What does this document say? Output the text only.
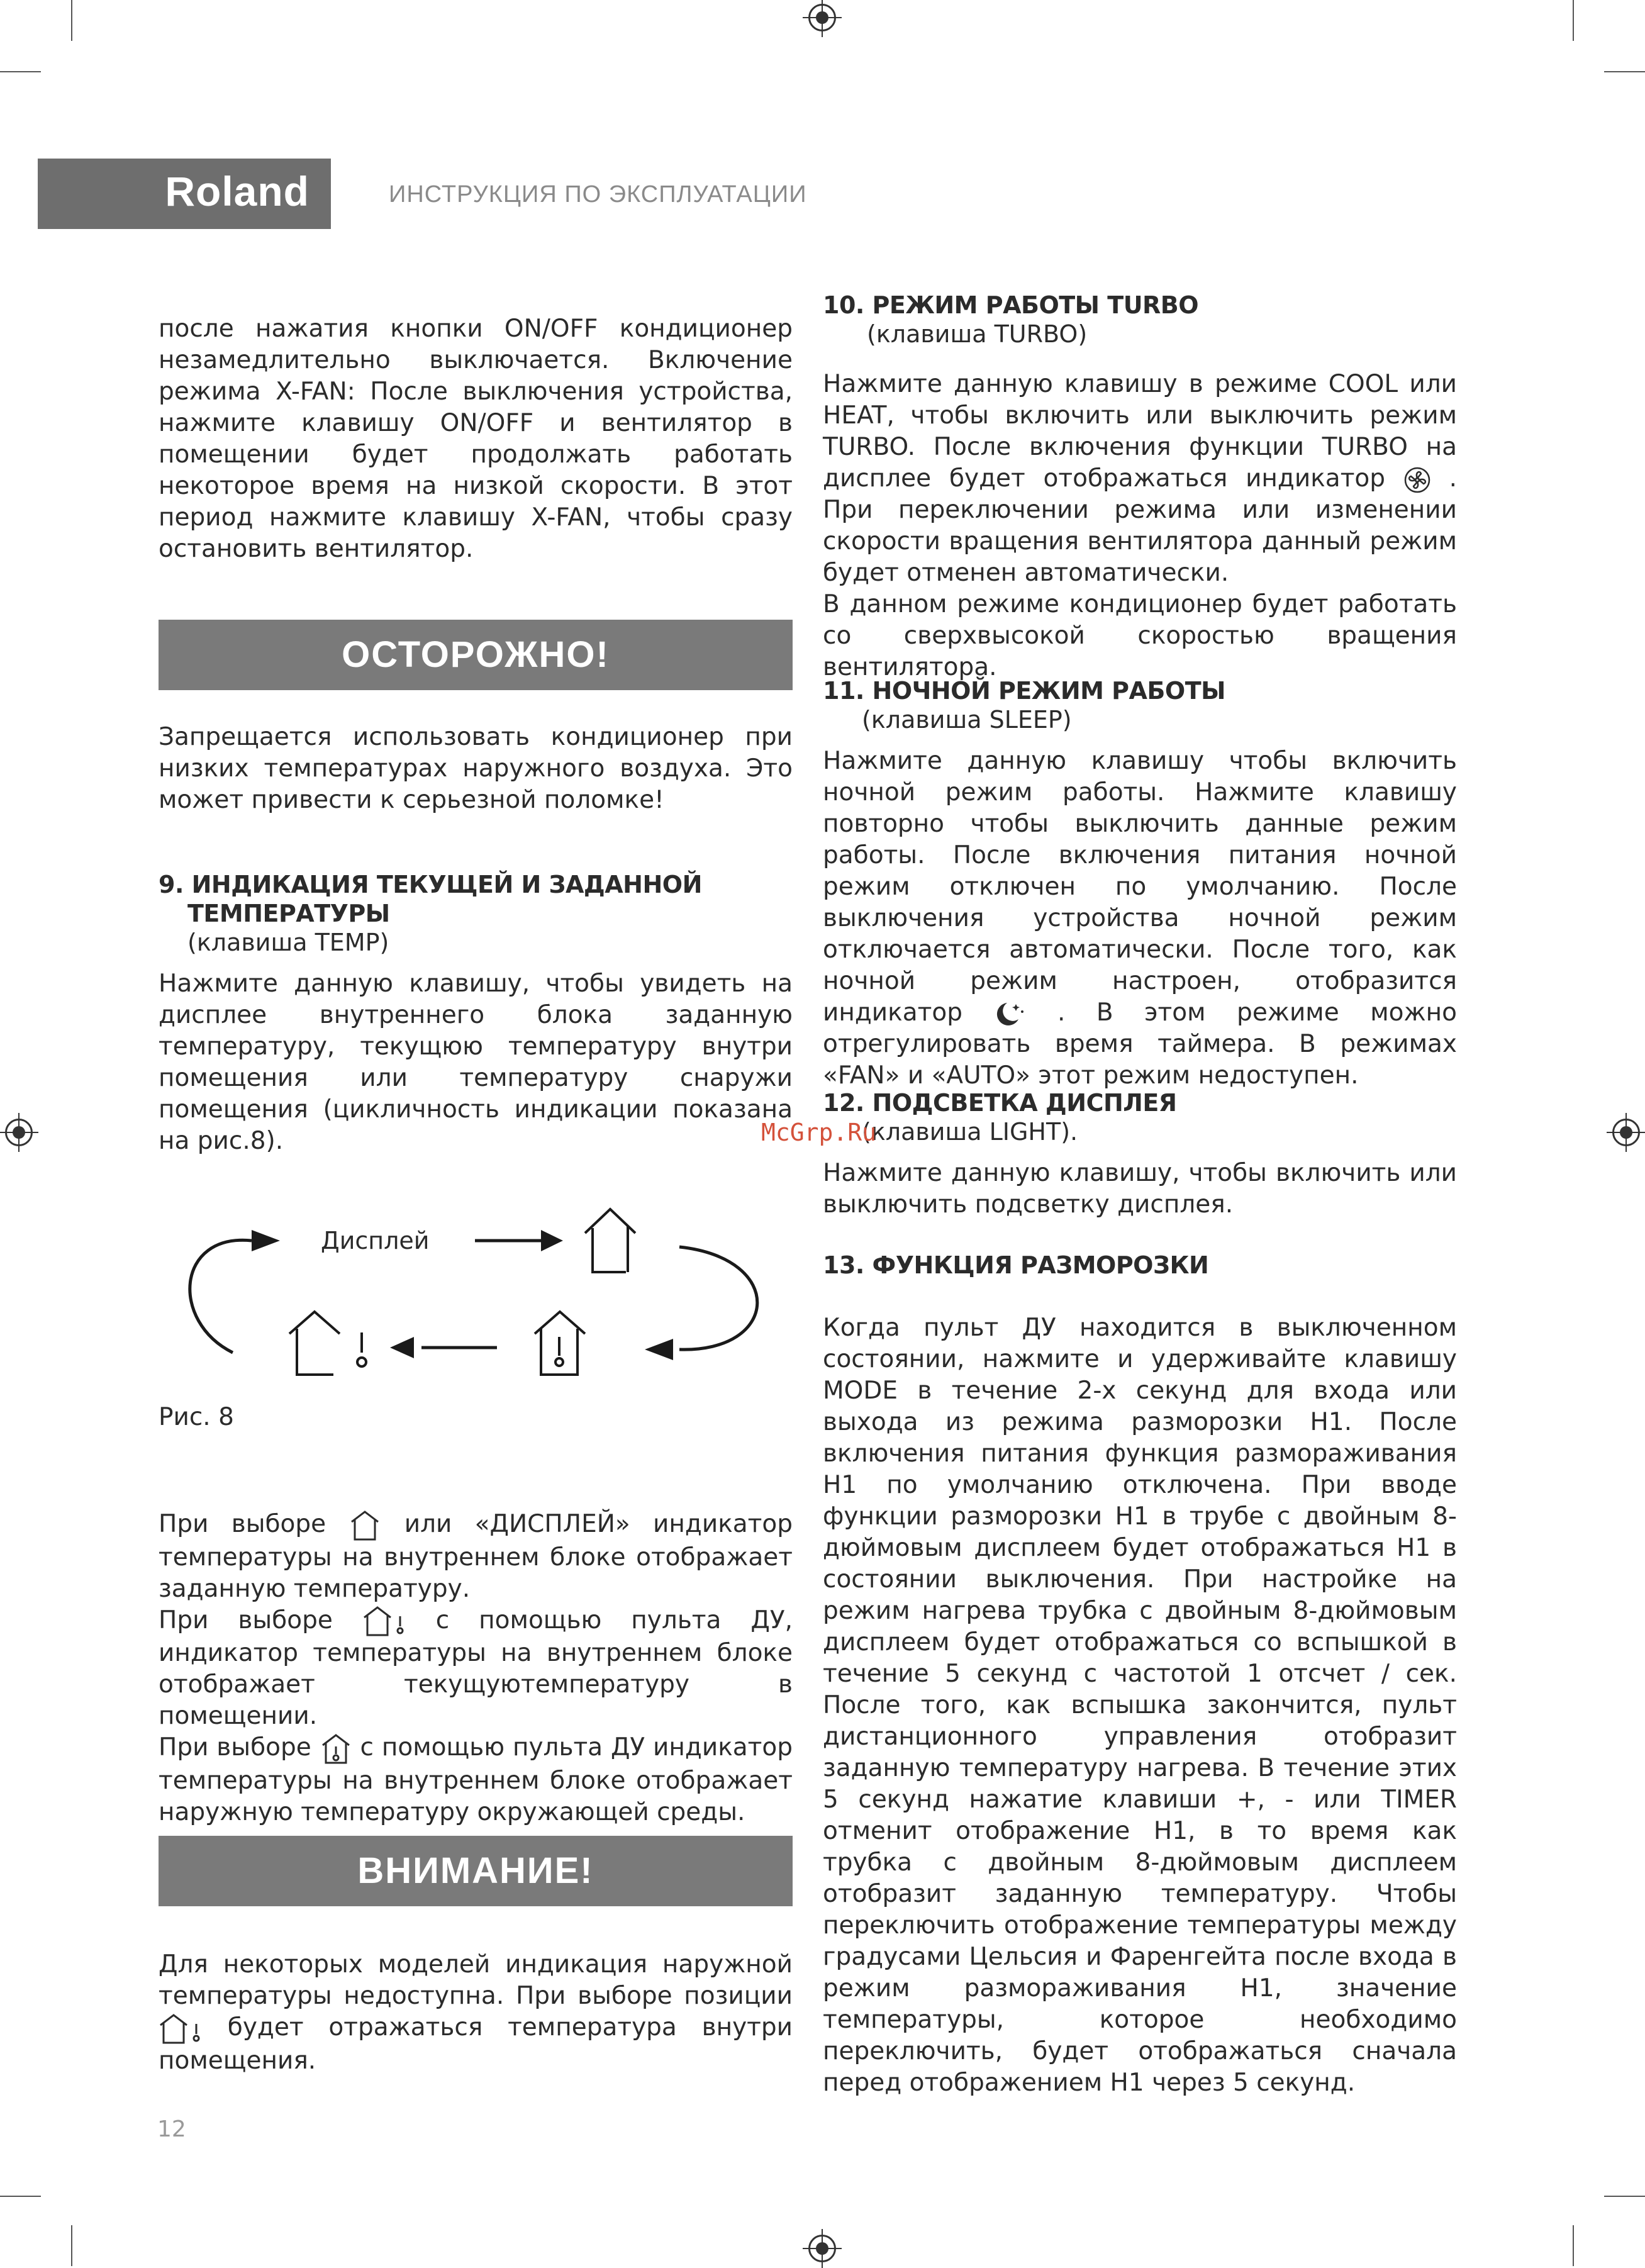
Roland	ИНСТРУКЦИЯ ПО ЭКСПЛУАТАЦИИ

после нажатия кнопки ON/OFF кондиционер незамедлительно выключается. Включение режима X-FAN: После выключения устройства, нажмите клавишу ON/OFF и вентилятор в помещении будет продолжать работать некоторое время на низкой скорости. В этот период нажмите клавишу X-FAN, чтобы сразу остановить вентилятор.

ОСТОРОЖНО!

Запрещается использовать кондиционер при низких температурах наружного воздуха. Это может привести к серьезной поломке!

9. ИНДИКАЦИЯ ТЕКУЩЕЙ И ЗАДАННОЙ
ТЕМПЕРАТУРЫ
(клавиша TEMP)

Нажмите данную клавишу, чтобы увидеть на дисплее внутреннего блока заданную температуру, текущюю температуру внутри помещения или температуру снаружи помещения (цикличность индикации показана на рис.8).

Дисплей
Рис. 8

При выборе	или «ДИСПЛЕЙ» индикатор температуры на внутреннем блоке отображает заданную температуру.

При выборе	с помощью пульта ДУ, индикатор температуры на внутреннем блоке отображает текущуютемпературу в помещении.

При выборе с помощью пульта ДУ индикатор температуры на внутреннем блоке отображает наружную температуру окружающей среды.

ВНИМАНИЕ!

Для некоторых моделей индикация наружной температуры недоступна. При выборе позиции  будет отражаться температура внутри помещения.

10. РЕЖИМ РАБОТЫ TURBO
(клавиша TURBO)

Нажмите данную клавишу в режиме COOL или HEAT, чтобы включить или выключить режим TURBO. После включения функции TURBO на дисплее будет отображаться индикатор	. При переключении режима или изменении скорости вращения вентилятора данный режим будет отменен автоматически.

В данном режиме кондиционер будет работать со сверхвысокой скоростью вращения вентилятора.

11. НОЧНОЙ РЕЖИМ РАБОТЫ
(клавиша SLEEP)

Нажмите данную клавишу чтобы включить ночной режим работы. Нажмите клавишу повторно чтобы выключить данные режим работы. После включения питания ночной режим отключен по умолчанию. После выключения устройства ночной режим отключается автоматически. После того, как ночной режим настроен, отобразится индикатор	. В этом режиме можно отрегулировать время таймера. В режимах «FAN» и «AUTO» этот режим недоступен.

12. ПОДСВЕТКА ДИСПЛЕЯ
(клавиша LIGHT).

Нажмите данную клавишу, чтобы включить или выключить подсветку дисплея.

13. ФУНКЦИЯ РАЗМОРОЗКИ

Когда пульт ДУ находится в выключенном состоянии, нажмите и удерживайте клавишу MODE в течение 2-х секунд для входа или выхода из режима разморозки H1. После включения питания функция размораживания H1 по умолчанию отключена. При вводе функции разморозки H1 в трубе с двойным 8-дюймовым дисплеем будет отображаться H1 в состоянии выключения. При настройке на режим нагрева трубка с двойным 8-дюймовым дисплеем будет отображаться со вспышкой в течение 5 секунд с частотой 1 отсчет / сек. После того, как вспышка закончится, пульт дистанционного управления отобразит заданную температуру нагрева. В течение этих 5 секунд нажатие клавиши +, - или TIMER отменит отображение H1, в то время как трубка с двойным 8-дюймовым дисплеем отобразит заданную температуру. Чтобы переключить отображение температуры между градусами Цельсия и Фаренгейта после входа в режим размораживания H1, значение температуры, которое необходимо переключить, будет отображаться сначала перед отображением H1 через 5 секунд.

McGrp.Ru
12
